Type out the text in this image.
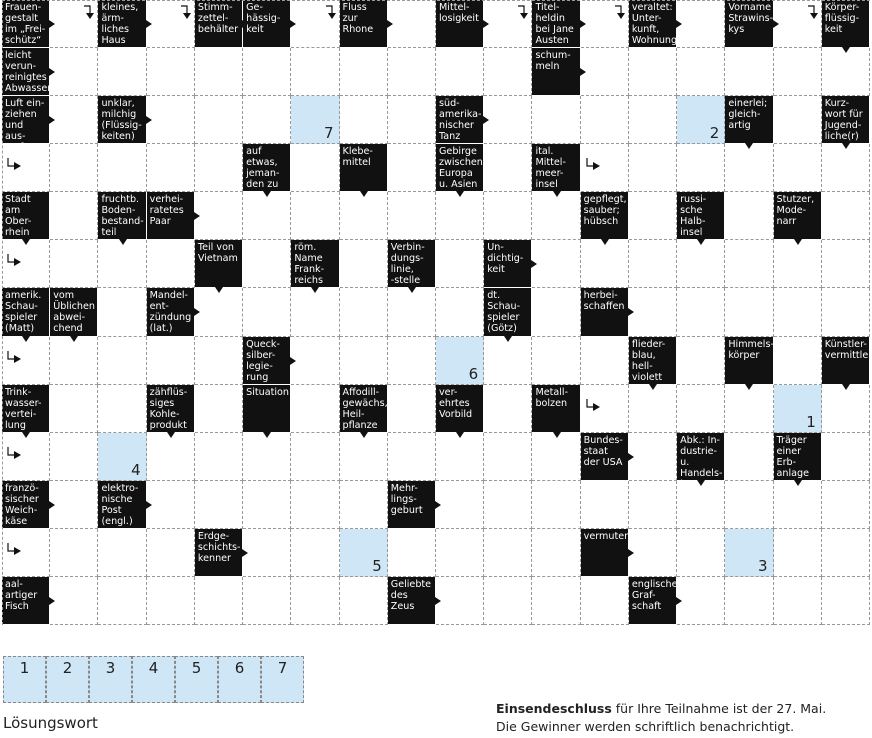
Frauen-
gestalt
im „Frei-
schütz“
kleines,
ärm-
liches
Haus
Stimm-
zettel-
behälter
Ge-
hässig-
keit
Fluss
zur
Rhone
Mittel-
losigkeit
Titel-
heldin
bei Jane
Austen
veraltet:
Unter-
kunft,
Wohnung
Vorname
Strawins-
kys
Körper-
flüssig-
keit
leicht
verun-
reinigtes
Abwasser
schum-
meln
Luft ein-
ziehen
und aus-
stoßen
unklar,
milchig
(Flüssig-
keiten)	7
süd-
amerika-
nischer
Tanz	2
einerlei;
gleich-
artig
Kurz-
wort für
Jugend-
liche(r)
auf
etwas,
jeman-
den zu
Klebe-
mittel
Gebirge
zwischen
Europa
u. Asien
ital.
Mittel-
meer-
insel
Stadt
am
Ober-
rhein
fruchtb.
Boden-
bestand-
teil
verhei-
ratetes
Paar
gepflegt,
sauber;
hübsch
russi-
sche
Halb-
insel
Stutzer,
Mode-
narr
Teil von
Vietnam
röm.
Name
Frank-
reichs
Verbin-
dungs-
linie,
-stelle
Un-
dichtig-
keit
amerik.
Schau-
spieler
(Matt)
vom
Üblichen
abwei-
chend
Mandel-
ent-
zündung
(lat.)
dt.
Schau-
spieler
(Götz)
herbei-
schaffen
Queck-
silber-
legie-
rung	6
flieder-
blau,
hell-
violett
Himmels-
körper
Künstler-
vermittler
Trink-
wasser-
vertei-
lung
zähflüs-
siges
Kohle-
produkt
Situation	Affodill-
gewächs,
Heil-
pflanze
ver-
ehrtes
Vorbild
Metall-
bolzen
1
4
Bundes-
staat
der USA
Abk.: In-
dustrie- u.
Handels-
kammer
Träger
einer
Erb-
anlage
franzö-
sischer
Weich-
käse
elektro-
nische
Post
(engl.)
Mehr-
lings-
geburt
Erdge-
schichts-
kenner	5
vermuten
3
aal-
artiger
Fisch
Geliebte
des Zeus
englische
Graf-
schaft
1	2	3	4	5	6	7
Lösungswort
Einsendeschluss für Ihre Teilnahme ist der 27. Mai.
Die Gewinner werden schriftlich benachrichtigt.
